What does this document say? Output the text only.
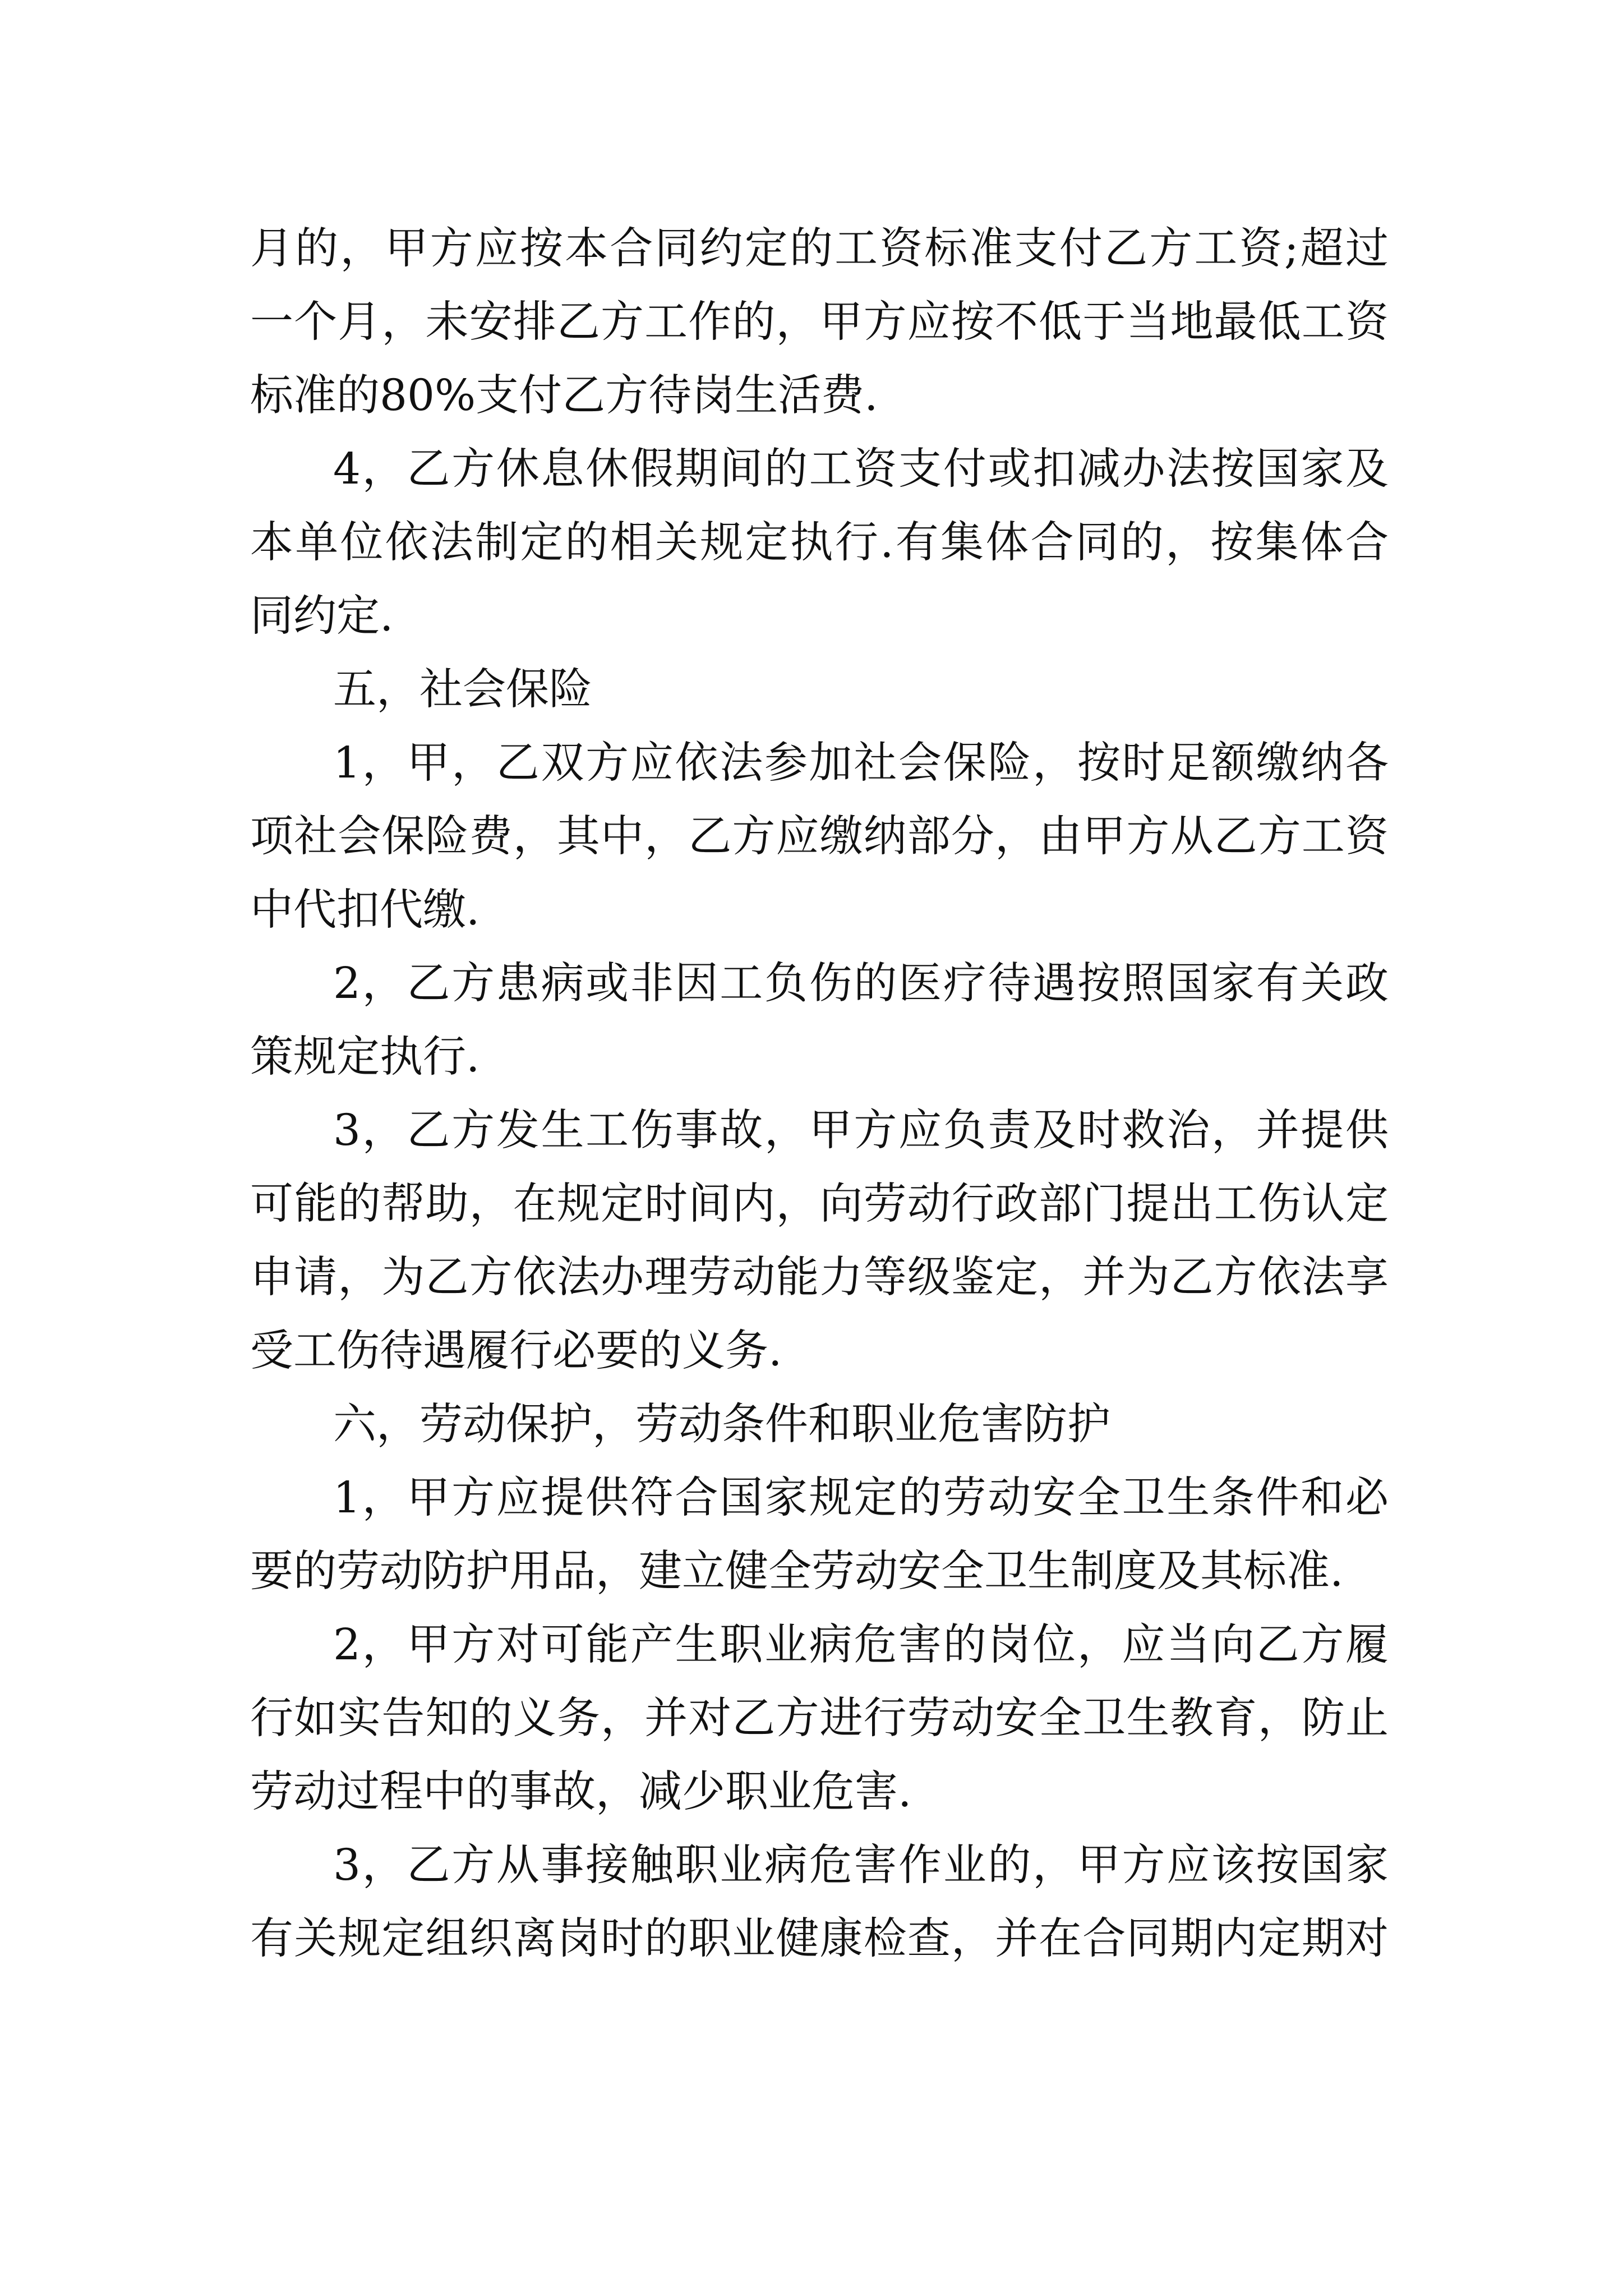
月的，甲方应按本合同约定的工资标准支付乙方工资;超过
一个月，未安排乙方工作的，甲方应按不低于当地最低工资
标准的80%支付乙方待岗生活费.
4，乙方休息休假期间的工资支付或扣减办法按国家及
本单位依法制定的相关规定执行.有集体合同的，按集体合
同约定.
五，社会保险
1，甲，乙双方应依法参加社会保险，按时足额缴纳各
项社会保险费，其中，乙方应缴纳部分，由甲方从乙方工资
中代扣代缴.
2，乙方患病或非因工负伤的医疗待遇按照国家有关政
策规定执行.
3，乙方发生工伤事故，甲方应负责及时救治，并提供
可能的帮助，在规定时间内，向劳动行政部门提出工伤认定
申请，为乙方依法办理劳动能力等级鉴定，并为乙方依法享
受工伤待遇履行必要的义务.
六，劳动保护，劳动条件和职业危害防护
1，甲方应提供符合国家规定的劳动安全卫生条件和必
要的劳动防护用品，建立健全劳动安全卫生制度及其标准.
2，甲方对可能产生职业病危害的岗位，应当向乙方履
行如实告知的义务，并对乙方进行劳动安全卫生教育，防止
劳动过程中的事故，减少职业危害.
3，乙方从事接触职业病危害作业的，甲方应该按国家
有关规定组织离岗时的职业健康检查，并在合同期内定期对
